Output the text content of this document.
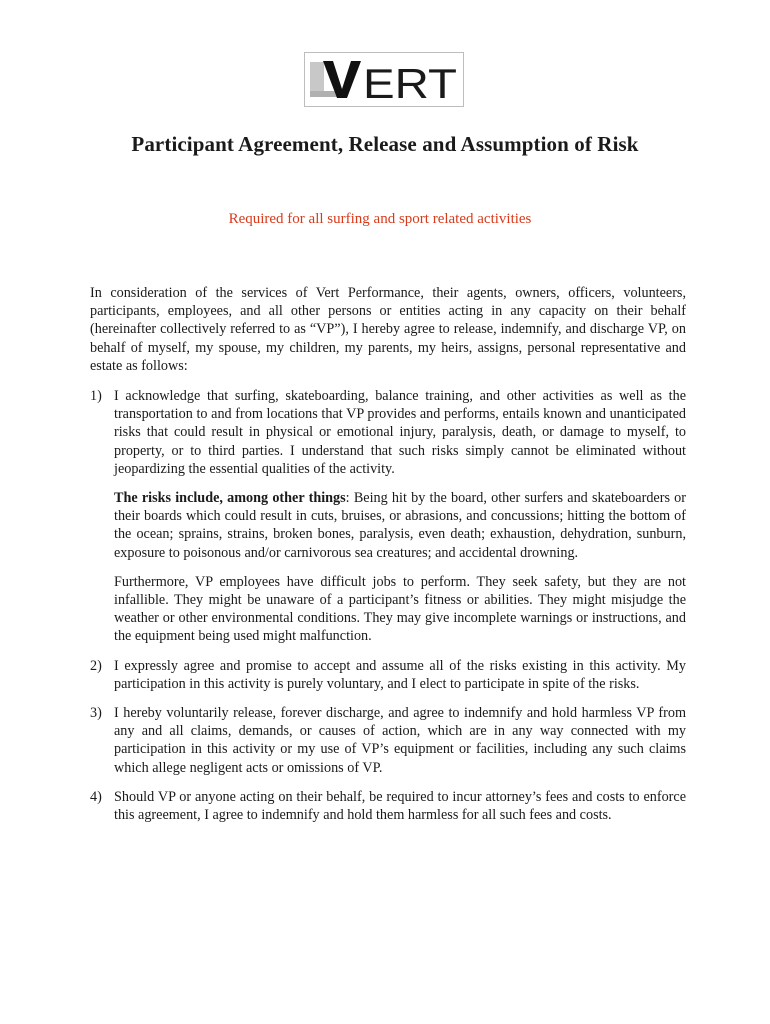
ERT
Participant Agreement, Release and Assumption of Risk

Required for all surfing and sport related activities

In consideration of the services of Vert Performance, their agents, owners, officers, volunteers, participants, employees, and all other persons or entities acting in any capacity on their behalf (hereinafter collectively referred to as “VP”), I hereby agree to release, indemnify, and discharge VP, on behalf of myself, my spouse, my children, my parents, my heirs, assigns, personal representative and estate as follows:

1) I acknowledge that surfing, skateboarding, balance training, and other activities as well as the transportation to and from locations that VP provides and performs, entails known and unanticipated risks that could result in physical or emotional injury, paralysis, death, or damage to myself, to property, or to third parties. I understand that such risks simply cannot be eliminated without jeopardizing the essential qualities of the activity.

The risks include, among other things: Being hit by the board, other surfers and skateboarders or their boards which could result in cuts, bruises, or abrasions, and concussions; hitting the bottom of the ocean; sprains, strains, broken bones, paralysis, even death; exhaustion, dehydration, sunburn, exposure to poisonous and/or carnivorous sea creatures; and accidental drowning.

Furthermore, VP employees have difficult jobs to perform. They seek safety, but they are not infallible. They might be unaware of a participant’s fitness or abilities. They might misjudge the weather or other environmental conditions. They may give incomplete warnings or instructions, and the equipment being used might malfunction.

2) I expressly agree and promise to accept and assume all of the risks existing in this activity. My participation in this activity is purely voluntary, and I elect to participate in spite of the risks.
3) I hereby voluntarily release, forever discharge, and agree to indemnify and hold harmless VP from any and all claims, demands, or causes of action, which are in any way connected with my participation in this activity or my use of VP’s equipment or facilities, including any such claims which allege negligent acts or omissions of VP.
4) Should VP or anyone acting on their behalf, be required to incur attorney’s fees and costs to enforce this agreement, I agree to indemnify and hold them harmless for all such fees and costs.
